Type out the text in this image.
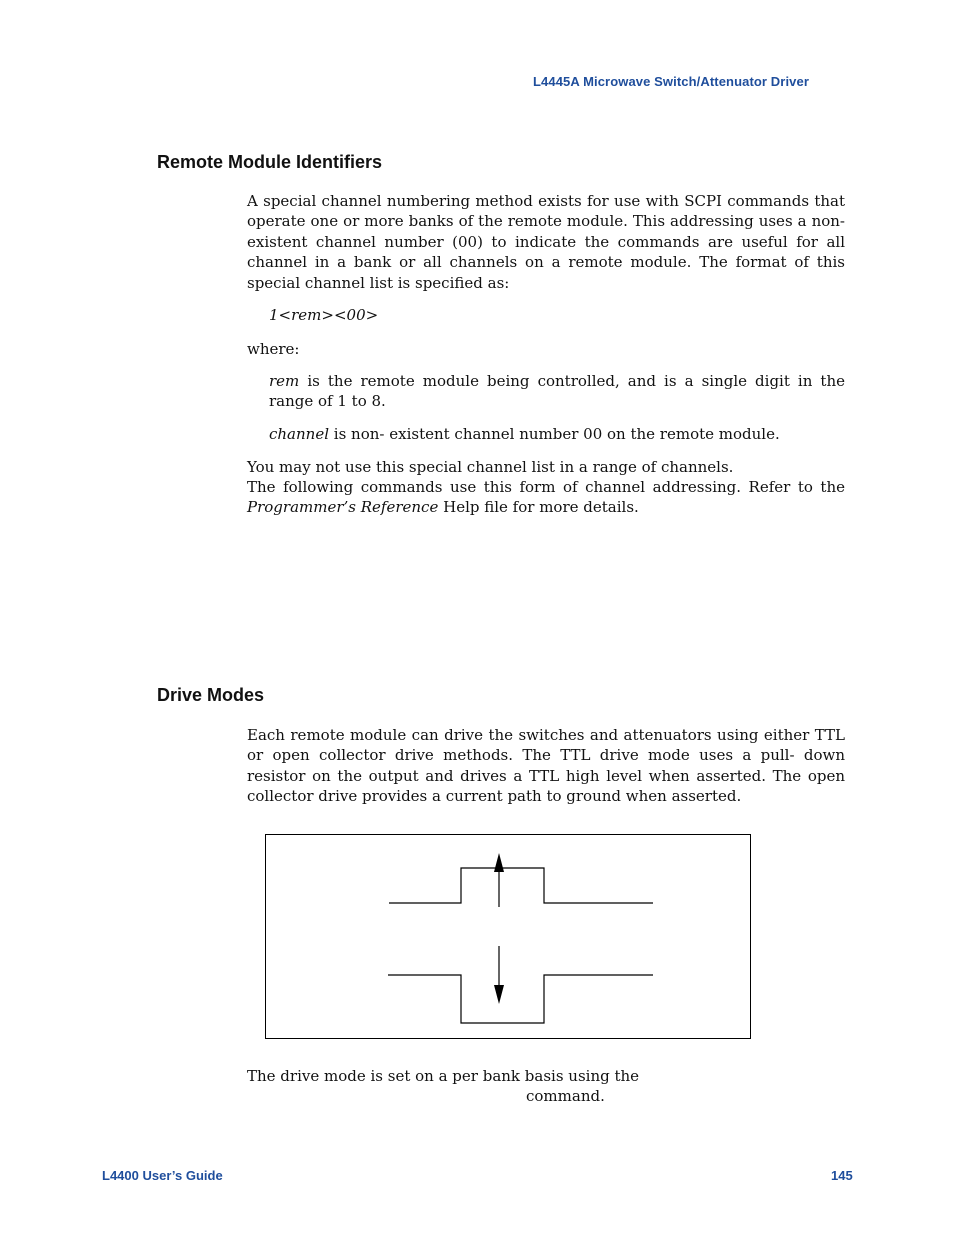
L4445A Microwave Switch/Attenuator Driver
Remote Module Identifiers

A special channel numbering method exists for use with SCPI commands that operate one or more banks of the remote module. This addressing uses a non- existent channel number (00) to indicate the commands are useful for all channel in a bank or all channels on a remote module. The format of this special channel list is specified as:

1<rem><00>

where:

rem is the remote module being controlled, and is a single digit in the range of 1 to 8.

channel is non- existent channel number 00 on the remote module.

You may not use this special channel list in a range of channels.

The following commands use this form of channel addressing. Refer to the Programmer’s Reference Help file for more details.

Drive Modes

Each remote module can drive the switches and attenuators using either TTL or open collector drive methods. The TTL drive mode uses a pull- down resistor on the output and drives a TTL high level when asserted. The open collector drive provides a current path to ground when asserted.

The drive mode is set on a per bank basis using the

command.

L4400 User’s Guide	145
